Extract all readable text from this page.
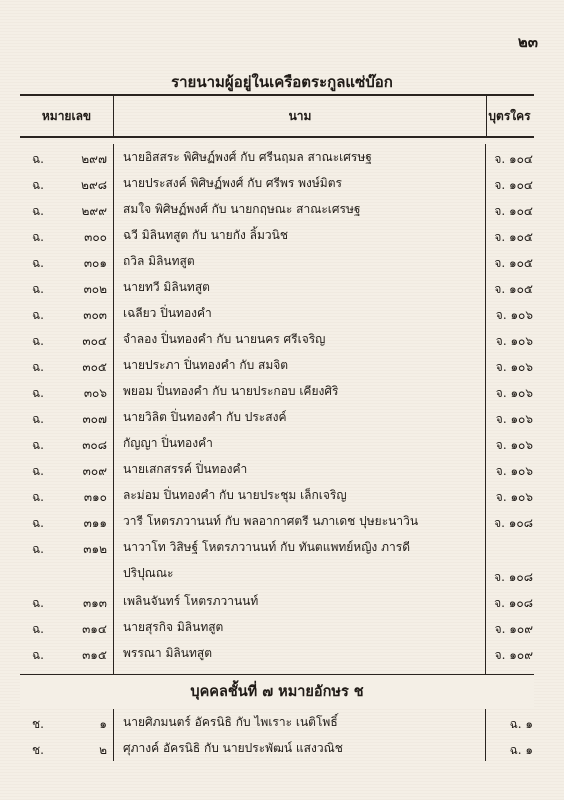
๒๓
รายนามผู้อยู่ในเครือตระกูลแซ่บ๊อก
หมายเลข	นาม	บุตรใคร
ฉ.	๒๙๗ นายอิสสระ พิศิษฏ์พงศ์ กับ ศรีนฤมล สาณะเศรษฐ	จ. ๑๐๔
ฉ.	๒๙๘ นายประสงค์ พิศิษฏ์พงศ์ กับ ศรีพร พงษ์มิตร	จ. ๑๐๔
ฉ.	๒๙๙ สมใจ พิศิษฏ์พงศ์ กับ นายกฤษณะ สาณะเศรษฐ	จ. ๑๐๔
ฉ.	๓๐๐ ฉวี มิลินทสูต กับ นายกัง ลิ้มวนิช	จ. ๑๐๕
ฉ.	๓๐๑ ถวิล มิลินทสูต	จ. ๑๐๕
ฉ.	๓๐๒ นายทวี มิลินทสูต	จ. ๑๐๕
ฉ.	๓๐๓ เฉลียว ปิ่นทองคำ	จ. ๑๐๖
ฉ.	๓๐๔ จำลอง ปิ่นทองคำ กับ นายนคร ศรีเจริญ	จ. ๑๐๖
ฉ.	๓๐๕ นายประภา ปิ่นทองคำ กับ สมจิต	จ. ๑๐๖
ฉ.	๓๐๖ พยอม ปิ่นทองคำ กับ นายประกอบ เคียงศิริ	จ. ๑๐๖
ฉ.	๓๐๗ นายวิลิต ปิ่นทองคำ กับ ประสงค์	จ. ๑๐๖
ฉ.	๓๐๘ กัญญา ปิ่นทองคำ	จ. ๑๐๖
ฉ.	๓๐๙ นายเสกสรรค์ ปิ่นทองคำ	จ. ๑๐๖
ฉ.	๓๑๐ ละม่อม ปิ่นทองคำ กับ นายประชุม เล็กเจริญ	จ. ๑๐๖
ฉ.	๓๑๑ วารี โหตรภวานนท์ กับ พลอากาศตรี นภาเดช ปุษยะนาวิน	จ. ๑๐๘
ฉ.	๓๑๒ นาวาโท วิสิษฐ์ โหตรภวานนท์ กับ ทันตแพทย์หญิง ภารดี
ปริปุณณะ	จ. ๑๐๘
ฉ.	๓๑๓ เพลินจันทร์ โหตรภวานนท์	จ. ๑๐๘
ฉ.	๓๑๔ นายสุรกิจ มิลินทสูต	จ. ๑๐๙
ฉ.	๓๑๕ พรรณา มิลินทสูต	จ. ๑๐๙
บุคคลชั้นที่ ๗ หมายอักษร ช
ช.	๑ นายศิภมนตร์ อัครนิธิ กับ ไพเราะ เนติโพธิ์	ฉ. ๑
ช.	๒ ศุภางค์ อัครนิธิ กับ นายประพัฒน์ แสงวณิช	ฉ. ๑
